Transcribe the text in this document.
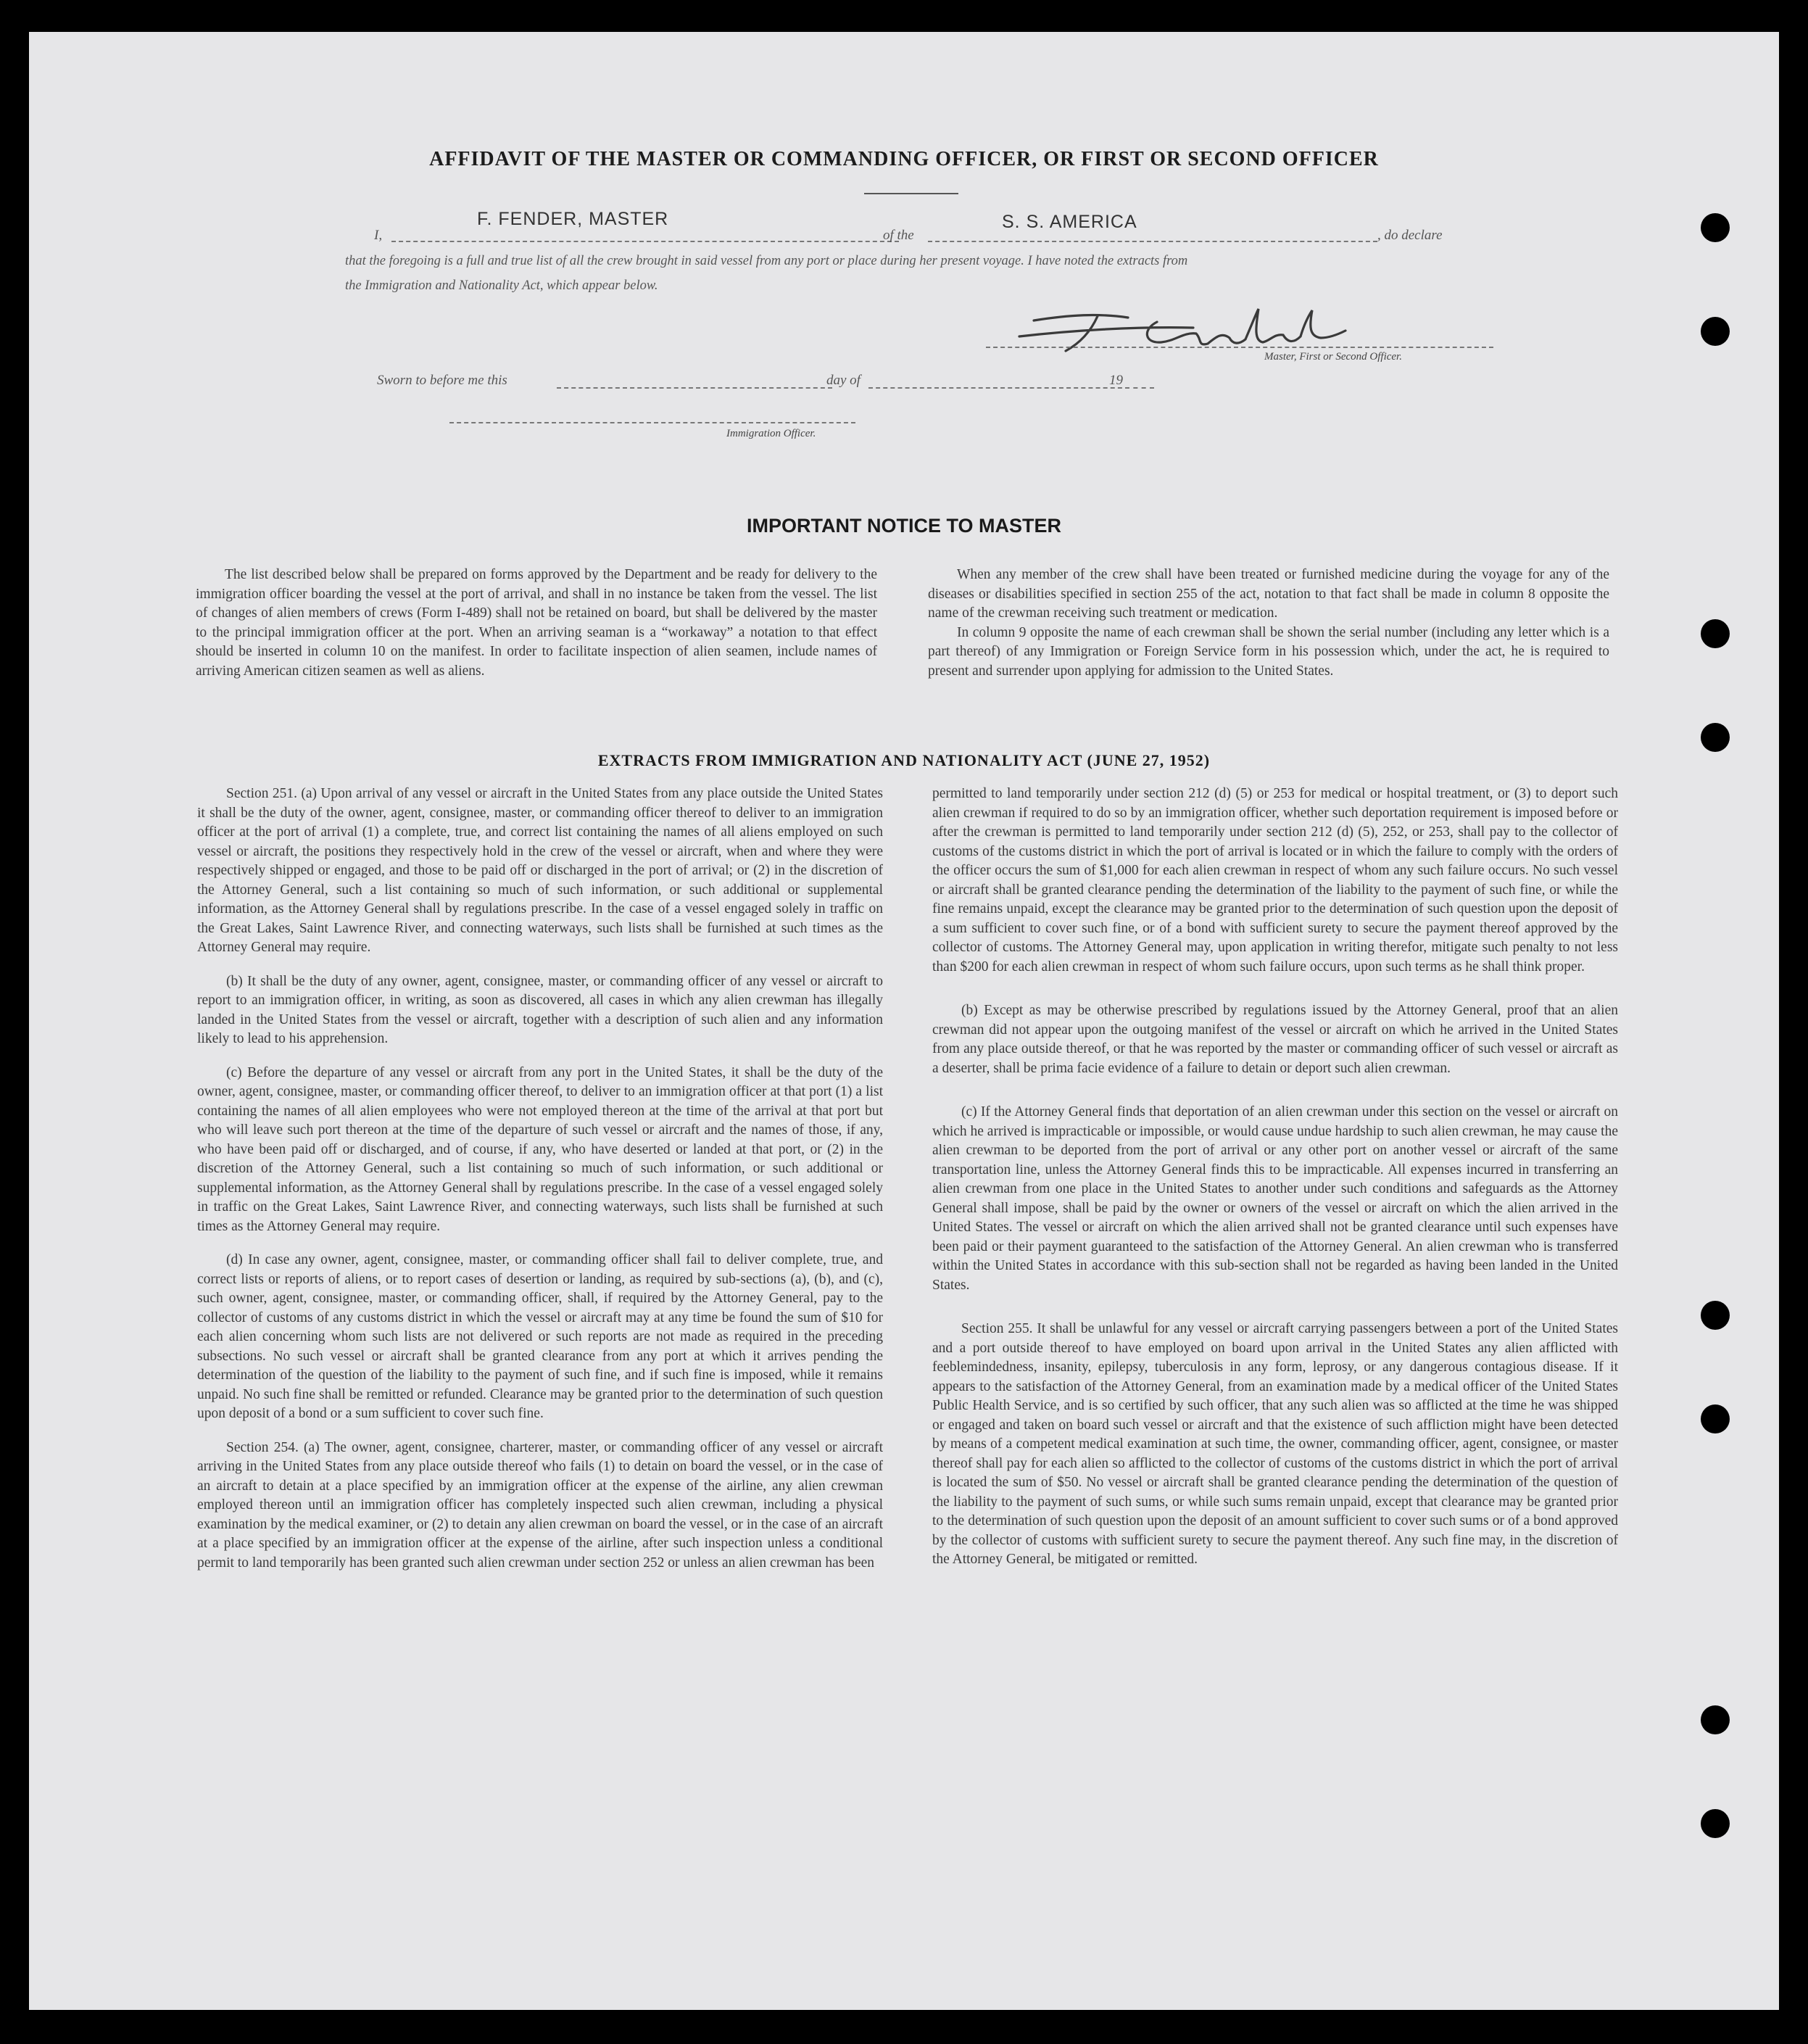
AFFIDAVIT OF THE MASTER OR COMMANDING OFFICER, OR FIRST OR SECOND OFFICER
I,
F. FENDER, MASTER
of the
S. S. AMERICA
, do declare
that the foregoing is a full and true list of all the crew brought in said vessel from any port or place during her present voyage. I have noted the extracts from
the Immigration and Nationality Act, which appear below.
Master, First or Second Officer.
Sworn to before me this	day of	19
Immigration Officer.
IMPORTANT NOTICE TO MASTER

The list described below shall be prepared on forms approved by the Department and be ready for delivery to the immigration officer boarding the vessel at the port of arrival, and shall in no instance be taken from the vessel. The list of changes of alien members of crews (Form I-489) shall not be retained on board, but shall be delivered by the master to the principal immigration officer at the port. When an arriving seaman is a “workaway” a notation to that effect should be inserted in column 10 on the manifest. In order to facilitate inspection of alien seamen, include names of arriving American citizen seamen as well as aliens.

When any member of the crew shall have been treated or furnished medicine during the voyage for any of the diseases or disabilities specified in section 255 of the act, notation to that fact shall be made in column 8 opposite the name of the crewman receiving such treatment or medication.

In column 9 opposite the name of each crewman shall be shown the serial number (including any letter which is a part thereof) of any Immigration or Foreign Service form in his possession which, under the act, he is required to present and surrender upon applying for admission to the United States.

EXTRACTS FROM IMMIGRATION AND NATIONALITY ACT (JUNE 27, 1952)

Section 251. (a) Upon arrival of any vessel or aircraft in the United States from any place outside the United States it shall be the duty of the owner, agent, consignee, master, or commanding officer thereof to deliver to an immigration officer at the port of arrival (1) a complete, true, and correct list containing the names of all aliens employed on such vessel or aircraft, the positions they respectively hold in the crew of the vessel or aircraft, when and where they were respectively shipped or engaged, and those to be paid off or discharged in the port of arrival; or (2) in the discretion of the Attorney General, such a list containing so much of such information, or such additional or supplemental information, as the Attorney General shall by regulations prescribe. In the case of a vessel engaged solely in traffic on the Great Lakes, Saint Lawrence River, and connecting waterways, such lists shall be furnished at such times as the Attorney General may require.

(b) It shall be the duty of any owner, agent, consignee, master, or commanding officer of any vessel or aircraft to report to an immigration officer, in writing, as soon as discovered, all cases in which any alien crewman has illegally landed in the United States from the vessel or aircraft, together with a description of such alien and any information likely to lead to his apprehension.

(c) Before the departure of any vessel or aircraft from any port in the United States, it shall be the duty of the owner, agent, consignee, master, or commanding officer thereof, to deliver to an immigration officer at that port (1) a list containing the names of all alien employees who were not employed thereon at the time of the arrival at that port but who will leave such port thereon at the time of the departure of such vessel or aircraft and the names of those, if any, who have been paid off or discharged, and of course, if any, who have deserted or landed at that port, or (2) in the discretion of the Attorney General, such a list containing so much of such information, or such additional or supplemental information, as the Attorney General shall by regulations prescribe. In the case of a vessel engaged solely in traffic on the Great Lakes, Saint Lawrence River, and connecting waterways, such lists shall be furnished at such times as the Attorney General may require.

(d) In case any owner, agent, consignee, master, or commanding officer shall fail to deliver complete, true, and correct lists or reports of aliens, or to report cases of desertion or landing, as required by sub-sections (a), (b), and (c), such owner, agent, consignee, master, or commanding officer, shall, if required by the Attorney General, pay to the collector of customs of any customs district in which the vessel or aircraft may at any time be found the sum of $10 for each alien concerning whom such lists are not delivered or such reports are not made as required in the preceding subsections. No such vessel or aircraft shall be granted clearance from any port at which it arrives pending the determination of the question of the liability to the payment of such fine, and if such fine is imposed, while it remains unpaid. No such fine shall be remitted or refunded. Clearance may be granted prior to the determination of such question upon deposit of a bond or a sum sufficient to cover such fine.

Section 254. (a) The owner, agent, consignee, charterer, master, or commanding officer of any vessel or aircraft arriving in the United States from any place outside thereof who fails (1) to detain on board the vessel, or in the case of an aircraft to detain at a place specified by an immigration officer at the expense of the airline, any alien crewman employed thereon until an immigration officer has completely inspected such alien crewman, including a physical examination by the medical examiner, or (2) to detain any alien crewman on board the vessel, or in the case of an aircraft at a place specified by an immigration officer at the expense of the airline, after such inspection unless a conditional permit to land temporarily has been granted such alien crewman under section 252 or unless an alien crewman has been

permitted to land temporarily under section 212 (d) (5) or 253 for medical or hospital treatment, or (3) to deport such alien crewman if required to do so by an immigration officer, whether such deportation requirement is imposed before or after the crewman is permitted to land temporarily under section 212 (d) (5), 252, or 253, shall pay to the collector of customs of the customs district in which the port of arrival is located or in which the failure to comply with the orders of the officer occurs the sum of $1,000 for each alien crewman in respect of whom any such failure occurs. No such vessel or aircraft shall be granted clearance pending the determination of the liability to the payment of such fine, or while the fine remains unpaid, except the clearance may be granted prior to the determination of such question upon the deposit of a sum sufficient to cover such fine, or of a bond with sufficient surety to secure the payment thereof approved by the collector of customs. The Attorney General may, upon application in writing therefor, mitigate such penalty to not less than $200 for each alien crewman in respect of whom such failure occurs, upon such terms as he shall think proper.

(b) Except as may be otherwise prescribed by regulations issued by the Attorney General, proof that an alien crewman did not appear upon the outgoing manifest of the vessel or aircraft on which he arrived in the United States from any place outside thereof, or that he was reported by the master or commanding officer of such vessel or aircraft as a deserter, shall be prima facie evidence of a failure to detain or deport such alien crewman.

(c) If the Attorney General finds that deportation of an alien crewman under this section on the vessel or aircraft on which he arrived is impracticable or impossible, or would cause undue hardship to such alien crewman, he may cause the alien crewman to be deported from the port of arrival or any other port on another vessel or aircraft of the same transportation line, unless the Attorney General finds this to be impracticable. All expenses incurred in transferring an alien crewman from one place in the United States to another under such conditions and safeguards as the Attorney General shall impose, shall be paid by the owner or owners of the vessel or aircraft on which the alien arrived in the United States. The vessel or aircraft on which the alien arrived shall not be granted clearance until such expenses have been paid or their payment guaranteed to the satisfaction of the Attorney General. An alien crewman who is transferred within the United States in accordance with this sub-section shall not be regarded as having been landed in the United States.

Section 255. It shall be unlawful for any vessel or aircraft carrying passengers between a port of the United States and a port outside thereof to have employed on board upon arrival in the United States any alien afflicted with feeblemindedness, insanity, epilepsy, tuberculosis in any form, leprosy, or any dangerous contagious disease. If it appears to the satisfaction of the Attorney General, from an examination made by a medical officer of the United States Public Health Service, and is so certified by such officer, that any such alien was so afflicted at the time he was shipped or engaged and taken on board such vessel or aircraft and that the existence of such affliction might have been detected by means of a competent medical examination at such time, the owner, commanding officer, agent, consignee, or master thereof shall pay for each alien so afflicted to the collector of customs of the customs district in which the port of arrival is located the sum of $50. No vessel or aircraft shall be granted clearance pending the determination of the question of the liability to the payment of such sums, or while such sums remain unpaid, except that clearance may be granted prior to the determination of such question upon the deposit of an amount sufficient to cover such sums or of a bond approved by the collector of customs with sufficient surety to secure the payment thereof. Any such fine may, in the discretion of the Attorney General, be mitigated or remitted.
